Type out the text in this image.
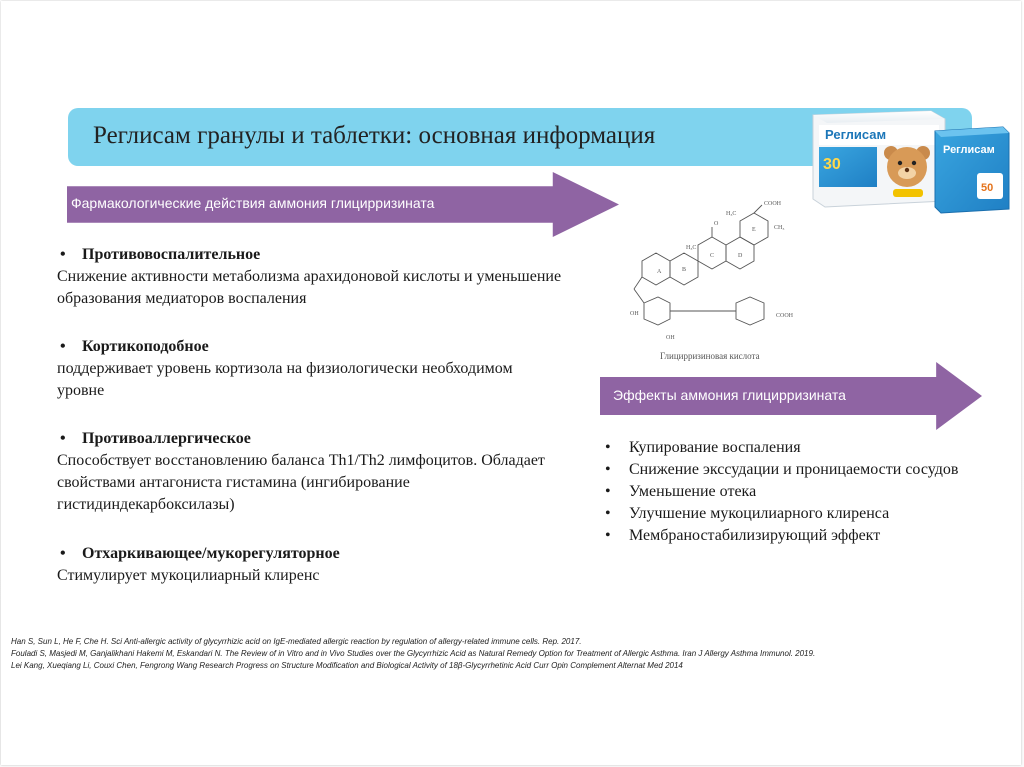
Реглисам гранулы и таблетки: основная информация	Реглисам
30
Реглисам
50
Фармакологические действия аммония глицирризината
•	Противовоспалительное

Снижение активности метаболизма арахидоновой кислоты и уменьшение образования медиаторов воспаления

•	Кортикоподобное

поддерживает уровень кортизола на физиологически необходимом уровне

•	Противоаллергическое

Способствует восстановлению баланса Th1/Th2 лимфоцитов. Обладает свойствами антагониста гистамина (ингибирование гистидиндекарбоксилазы)

•	Отхаркивающее/мукорегуляторное

Стимулирует мукоцилиарный клиренс

A	B
C	D
E
COOH
CH₃
H₃C
H₃C
O
OH	COOH
OH
Глицирризиновая кислота
Эффекты аммония глицирризината
•	Купирование воспаления
•	Снижение экссудации и проницаемости сосудов
•	Уменьшение отека
•	Улучшение мукоцилиарного клиренса
•	Мембраностабилизирующий эффект
Han S, Sun L, He F, Che H. Sci Anti-allergic activity of glycyrrhizic acid on IgE-mediated allergic reaction by regulation of allergy-related immune cells. Rep. 2017.
Fouladi S, Masjedi M, Ganjalikhani Hakemi M, Eskandari N. The Review of in Vitro and in Vivo Studies over the Glycyrrhizic Acid as Natural Remedy Option for Treatment of Allergic Asthma. Iran J Allergy Asthma Immunol. 2019.
Lei Kang, Xueqiang Li, Couxi Chen, Fengrong Wang Research Progress on Structure Modification and Biological Activity of 18β-Glycyrrhetinic Acid Curr Opin Complement Alternat Med 2014
